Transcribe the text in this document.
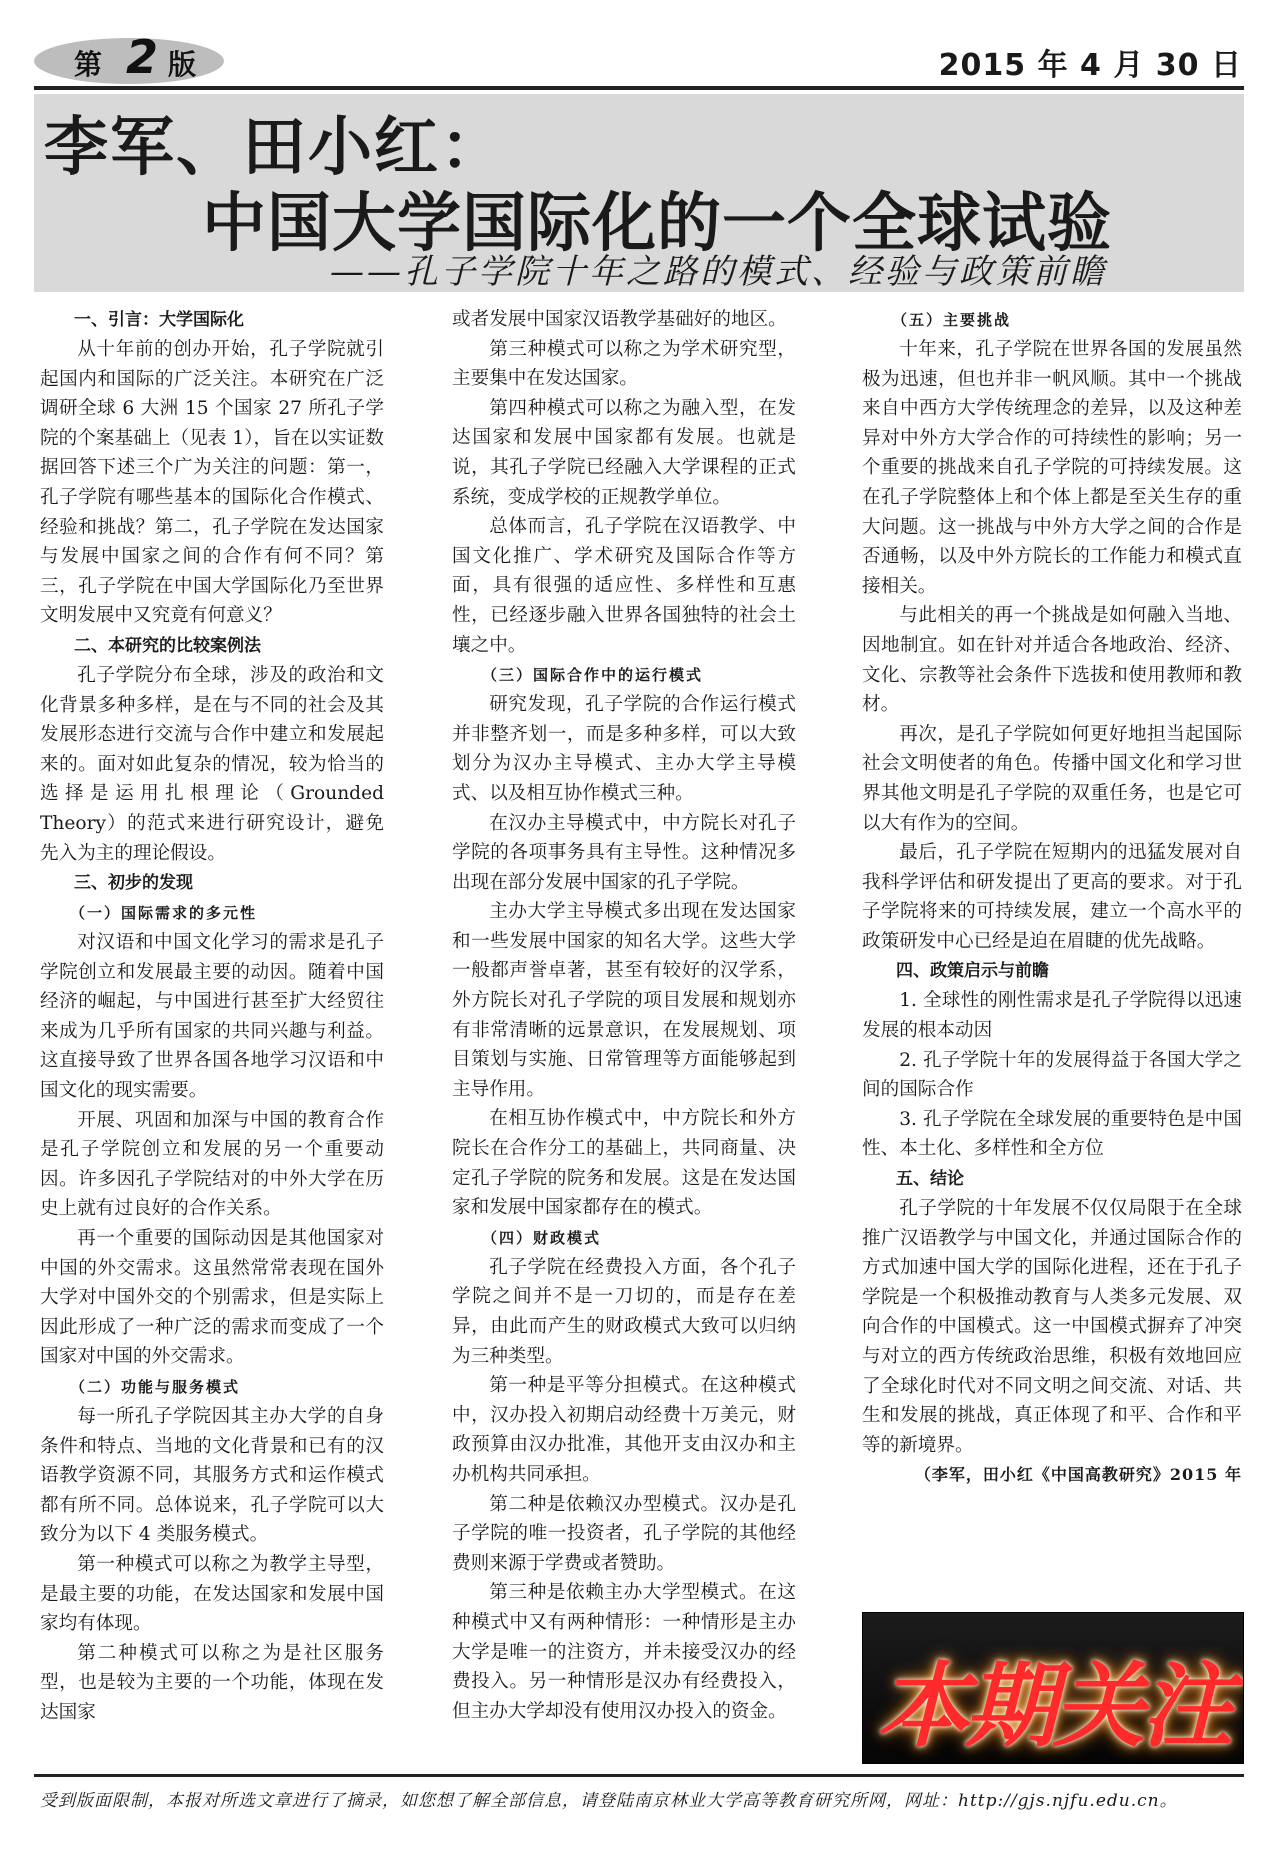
第 2 版	2015 年 4 月 30 日
李军、田小红：
中国大学国际化的一个全球试验
——孔子学院十年之路的模式、经验与政策前瞻
一、引言：大学国际化

从十年前的创办开始，孔子学院就引起国内和国际的广泛关注。本研究在广泛调研全球 6 大洲 15 个国家 27 所孔子学院的个案基础上（见表 1），旨在以实证数据回答下述三个广为关注的问题：第一，孔子学院有哪些基本的国际化合作模式、经验和挑战？第二，孔子学院在发达国家与发展中国家之间的合作有何不同？第三，孔子学院在中国大学国际化乃至世界文明发展中又究竟有何意义？

二、本研究的比较案例法

孔子学院分布全球，涉及的政治和文化背景多种多样，是在与不同的社会及其发展形态进行交流与合作中建立和发展起来的。面对如此复杂的情况，较为恰当的选择是运用扎根理论（Grounded Theory）的范式来进行研究设计，避免先入为主的理论假设。

三、初步的发现
（一）国际需求的多元性

对汉语和中国文化学习的需求是孔子学院创立和发展最主要的动因。随着中国经济的崛起，与中国进行甚至扩大经贸往来成为几乎所有国家的共同兴趣与利益。这直接导致了世界各国各地学习汉语和中国文化的现实需要。

开展、巩固和加深与中国的教育合作是孔子学院创立和发展的另一个重要动因。许多因孔子学院结对的中外大学在历史上就有过良好的合作关系。

再一个重要的国际动因是其他国家对中国的外交需求。这虽然常常表现在国外大学对中国外交的个别需求，但是实际上因此形成了一种广泛的需求而变成了一个国家对中国的外交需求。

（二）功能与服务模式

每一所孔子学院因其主办大学的自身条件和特点、当地的文化背景和已有的汉语教学资源不同，其服务方式和运作模式都有所不同。总体说来，孔子学院可以大致分为以下 4 类服务模式。

第一种模式可以称之为教学主导型，是最主要的功能，在发达国家和发展中国家均有体现。

第二种模式可以称之为是社区服务型，也是较为主要的一个功能，体现在发达国家

或者发展中国家汉语教学基础好的地区。

第三种模式可以称之为学术研究型，主要集中在发达国家。

第四种模式可以称之为融入型，在发达国家和发展中国家都有发展。也就是说，其孔子学院已经融入大学课程的正式系统，变成学校的正规教学单位。

总体而言，孔子学院在汉语教学、中国文化推广、学术研究及国际合作等方面，具有很强的适应性、多样性和互惠性，已经逐步融入世界各国独特的社会土壤之中。

（三）国际合作中的运行模式

研究发现，孔子学院的合作运行模式并非整齐划一，而是多种多样，可以大致划分为汉办主导模式、主办大学主导模式、以及相互协作模式三种。

在汉办主导模式中，中方院长对孔子学院的各项事务具有主导性。这种情况多出现在部分发展中国家的孔子学院。

主办大学主导模式多出现在发达国家和一些发展中国家的知名大学。这些大学一般都声誉卓著，甚至有较好的汉学系，外方院长对孔子学院的项目发展和规划亦有非常清晰的远景意识，在发展规划、项目策划与实施、日常管理等方面能够起到主导作用。

在相互协作模式中，中方院长和外方院长在合作分工的基础上，共同商量、决定孔子学院的院务和发展。这是在发达国家和发展中国家都存在的模式。

（四）财政模式

孔子学院在经费投入方面，各个孔子学院之间并不是一刀切的，而是存在差异，由此而产生的财政模式大致可以归纳为三种类型。

第一种是平等分担模式。在这种模式中，汉办投入初期启动经费十万美元，财政预算由汉办批准，其他开支由汉办和主办机构共同承担。

第二种是依赖汉办型模式。汉办是孔子学院的唯一投资者，孔子学院的其他经费则来源于学费或者赞助。

第三种是依赖主办大学型模式。在这种模式中又有两种情形：一种情形是主办大学是唯一的注资方，并未接受汉办的经费投入。另一种情形是汉办有经费投入，但主办大学却没有使用汉办投入的资金。

（五）主要挑战

十年来，孔子学院在世界各国的发展虽然极为迅速，但也并非一帆风顺。其中一个挑战来自中西方大学传统理念的差异，以及这种差异对中外方大学合作的可持续性的影响；另一个重要的挑战来自孔子学院的可持续发展。这在孔子学院整体上和个体上都是至关生存的重大问题。这一挑战与中外方大学之间的合作是否通畅，以及中外方院长的工作能力和模式直接相关。

与此相关的再一个挑战是如何融入当地、因地制宜。如在针对并适合各地政治、经济、文化、宗教等社会条件下选拔和使用教师和教材。

再次，是孔子学院如何更好地担当起国际社会文明使者的角色。传播中国文化和学习世界其他文明是孔子学院的双重任务，也是它可以大有作为的空间。

最后，孔子学院在短期内的迅猛发展对自我科学评估和研发提出了更高的要求。对于孔子学院将来的可持续发展，建立一个高水平的政策研发中心已经是迫在眉睫的优先战略。

四、政策启示与前瞻

1. 全球性的刚性需求是孔子学院得以迅速发展的根本动因

2. 孔子学院十年的发展得益于各国大学之间的国际合作

3. 孔子学院在全球发展的重要特色是中国性、本土化、多样性和全方位

五、结论

孔子学院的十年发展不仅仅局限于在全球推广汉语教学与中国文化，并通过国际合作的方式加速中国大学的国际化进程，还在于孔子学院是一个积极推动教育与人类多元发展、双向合作的中国模式。这一中国模式摒弃了冲突与对立的西方传统政治思维，积极有效地回应了全球化时代对不同文明之间交流、对话、共生和发展的挑战，真正体现了和平、合作和平等的新境界。

（李军，田小红《中国高教研究》2015 年

本期关注
受到版面限制，本报对所选文章进行了摘录，如您想了解全部信息，请登陆南京林业大学高等教育研究所网，网址：http://gjs.njfu.edu.cn。
